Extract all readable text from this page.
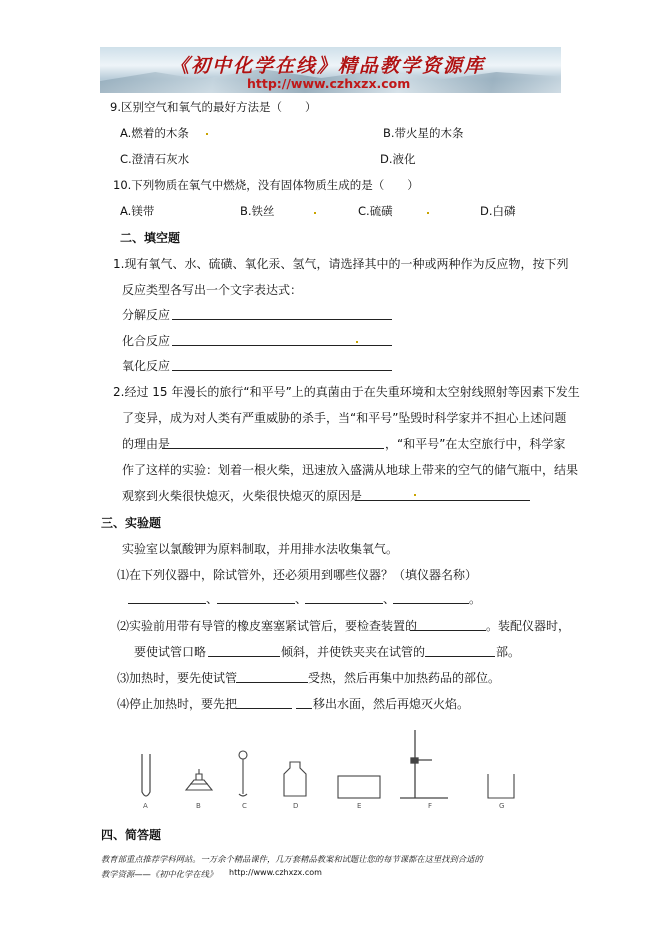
《初中化学在线》精品教学资源库
http://www.czhxzx.com
9.区别空气和氧气的最好方法是（　　）
A.燃着的木条	B.带火星的木条
C.澄清石灰水	D.液化
10.下列物质在氧气中燃烧，没有固体物质生成的是（　　）
A.镁带	B.铁丝	C.硫磺	D.白磷
二、填空题
1.现有氧气、水、硫磺、氧化汞、氢气，请选择其中的一种或两种作为反应物，按下列
反应类型各写出一个文字表达式：
分解反应
化合反应
氧化反应
2.经过 15 年漫长的旅行“和平号”上的真菌由于在失重环境和太空射线照射等因素下发生
了变异，成为对人类有严重威胁的杀手，当“和平号”坠毁时科学家并不担心上述问题
的理由是	，“和平号”在太空旅行中，科学家
作了这样的实验：划着一根火柴，迅速放入盛满从地球上带来的空气的储气瓶中，结果
观察到火柴很快熄灭，火柴很快熄灭的原因是
三、实验题
实验室以氯酸钾为原料制取，并用排水法收集氧气。
⑴在下列仪器中，除试管外，还必须用到哪些仪器？（填仪器名称）
、	、	、	。
⑵实验前用带有导管的橡皮塞塞紧试管后，要检查装置的	。装配仪器时，
要使试管口略	倾斜，并使铁夹夹在试管的	部。
⑶加热时，要先使试管	受热，然后再集中加热药品的部位。
⑷停止加热时，要先把	移出水面，然后再熄灭火焰。
A	B	C	D	E	F	G
四、简答题
教育部重点推荐学科网站。一万余个精品课件，几万套精品教案和试题让您的每节课都在这里找到合适的
教学资源——《初中化学在线》 http://www.czhxzx.com
